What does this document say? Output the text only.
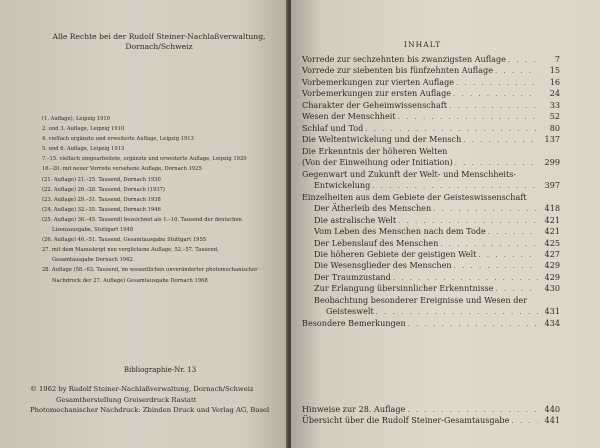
Alle Rechte bei der Rudolf Steiner-Nachlaßverwaltung,
Dornach/Schweiz
(1. Auflage), Leipzig 1910
2. und 3. Auflage, Leipzig 1910
4. vielfach ergänzte und erweiterte Auflage, Leipzig 1913
5. und 6. Auflage, Leipzig 1913
7.–15. vielfach umgearbeitete, ergänzte und erweiterte Auflage, Leipzig 1920
16.–20. mit neuer Vorrede versehene Auflage, Dornach 1925
(21. Auflage) 21.–25. Tausend, Dornach 1930
(22. Auflage) 26.–28. Tausend, Dornach (1937)
(23. Auflage) 29.–31. Tausend, Dornach 1938
(24. Auflage) 32.–35. Tausend, Dornach 1946
(25. Auflage) 36.–45. Tausend) bezeichnet als 1.–10. Tausend der deutschen
Lizenzausgabe, Stuttgart 1948
(26. Auflage) 46.–51. Tausend, Gesamtausgabe Stuttgart 1955
27. mit dem Manuskript neu verglichene Auflage, 52.–57. Tausend,
Gesamtausgabe Dornach 1962
28. Auflage (58.–63. Tausend, im wesentlichen unveränderter photomechanischer
Nachdruck der 27. Auflage) Gesamtausgabe Dornach 1968
Bibliographie-Nr. 13
© 1962 by Rudolf Steiner-Nachlaßverwaltung, Dornach/Schweiz
Gesamtherstellung Greiserdruck Rastatt
Photomechanischer Nachdruck: Zbinden Druck und Verlag AG, Basel
INHALT
Vorrede zur sechzehnten bis zwanzigsten Auflage . . .	7
Vorrede zur siebenten bis fünfzehnten Auflage . . .	15
Vorbemerkungen zur vierten Auflage . . .	16
Vorbemerkungen zur ersten Auflage . . .	24
Charakter der Geheimwissenschaft . . .	33
Wesen der Menschheit . . .	52
Schlaf und Tod . . .	80
Die Weltentwickelung und der Mensch . . .	137
Die Erkenntnis der höheren Welten
(Von der Einweihung oder Initiation) . . .	299
Gegenwart und Zukunft der Welt- und Menschheits-
Entwickelung . . .	397
Einzelheiten aus dem Gebiete der Geisteswissenschaft
Der Ätherleib des Menschen . . .	418
Die astralische Welt . . .	421
Vom Leben des Menschen nach dem Tode . . .	421
Der Lebenslauf des Menschen . . .	425
Die höheren Gebiete der geistigen Welt . . .	427
Die Wesensglieder des Menschen . . .	429
Der Traumzustand . . .	429
Zur Erlangung übersinnlicher Erkenntnisse . . .	430
Beobachtung besonderer Ereignisse und Wesen der
Geisteswelt . . .	431
Besondere Bemerkungen . . .	434
Hinweise zur 28. Auflage . . .	440
Übersicht über die Rudolf Steiner-Gesamtausgabe . . .	441
